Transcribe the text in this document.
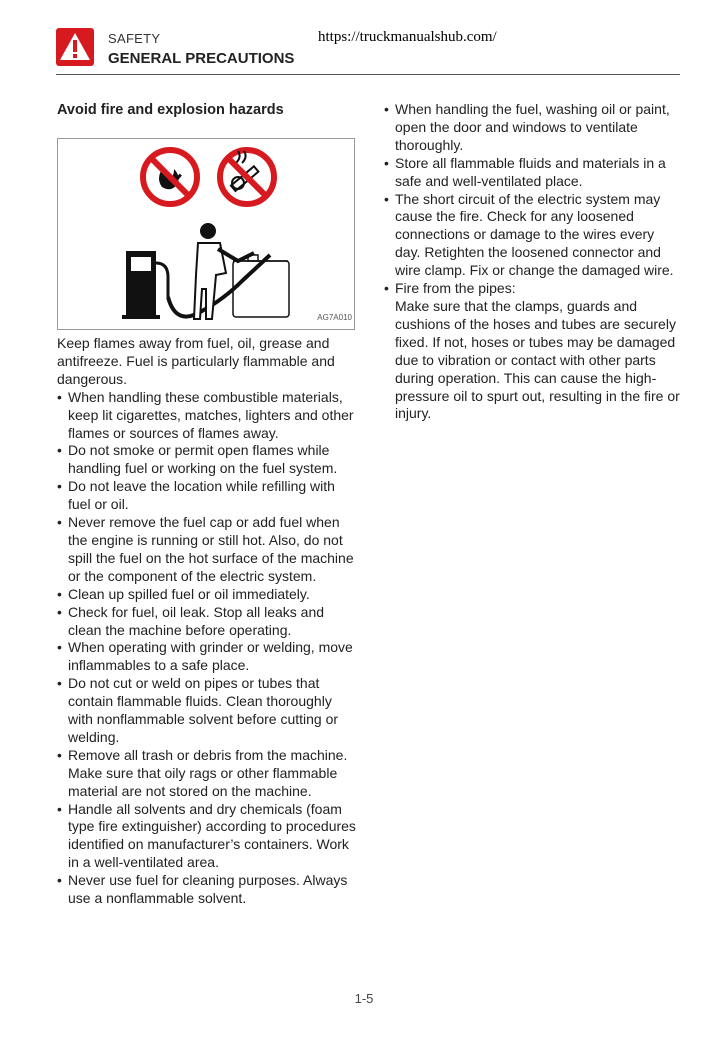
SAFETY
GENERAL PRECAUTIONS
https://truckmanualshub.com/
Avoid fire and explosion hazards
AG7A010

Keep flames away from fuel, oil, grease and antifreeze. Fuel is particularly flammable and dangerous.

• When handling these combustible materials, keep lit cigarettes, matches, lighters and other flames or sources of flames away.
• Do not smoke or permit open flames while handling fuel or working on the fuel system.
• Do not leave the location while refilling with fuel or oil.
• Never remove the fuel cap or add fuel when the engine is running or still hot. Also, do not spill the fuel on the hot surface of the machine or the component of the electric system.
• Clean up spilled fuel or oil immediately.
• Check for fuel, oil leak. Stop all leaks and clean the machine before operating.
• When operating with grinder or welding, move inflammables to a safe place.
• Do not cut or weld on pipes or tubes that contain flammable fluids. Clean thoroughly with nonflammable solvent before cutting or welding.
• Remove all trash or debris from the machine. Make sure that oily rags or other flammable material are not stored on the machine.
• Handle all solvents and dry chemicals (foam type fire extinguisher) according to procedures identified on manufacturer’s containers. Work in a well-ventilated area.
• Never use fuel for cleaning purposes. Always use a nonflammable solvent.
• When handling the fuel, washing oil or paint, open the door and windows to ventilate thoroughly.
• Store all flammable fluids and materials in a safe and well-ventilated place.
• The short circuit of the electric system may cause the fire. Check for any loosened connections or damage to the wires every day. Retighten the loosened connector and wire clamp. Fix or change the damaged wire.
• Fire from the pipes:
Make sure that the clamps, guards and cushions of the hoses and tubes are securely fixed. If not, hoses or tubes may be damaged due to vibration or contact with other parts during operation. This can cause the high-pressure oil to spurt out, resulting in the fire or injury.
1-5
